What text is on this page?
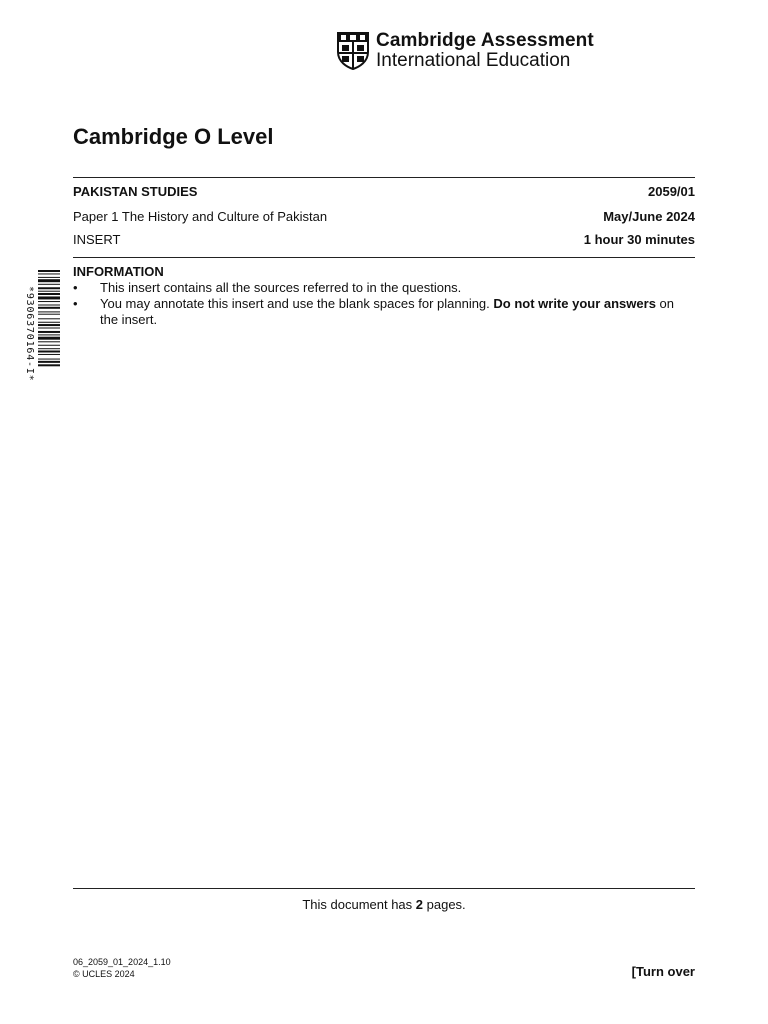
Cambridge Assessment
International Education
Cambridge O Level
PAKISTAN STUDIES	2059/01
Paper 1 The History and Culture of Pakistan	May/June 2024
INSERT	1 hour 30 minutes
INFORMATION
• This insert contains all the sources referred to in the questions.
• You may annotate this insert and use the blank spaces for planning. Do not write your answers on the insert.
*9306370164-I*
This document has 2 pages.
06_2059_01_2024_1.10
© UCLES 2024	[Turn over
